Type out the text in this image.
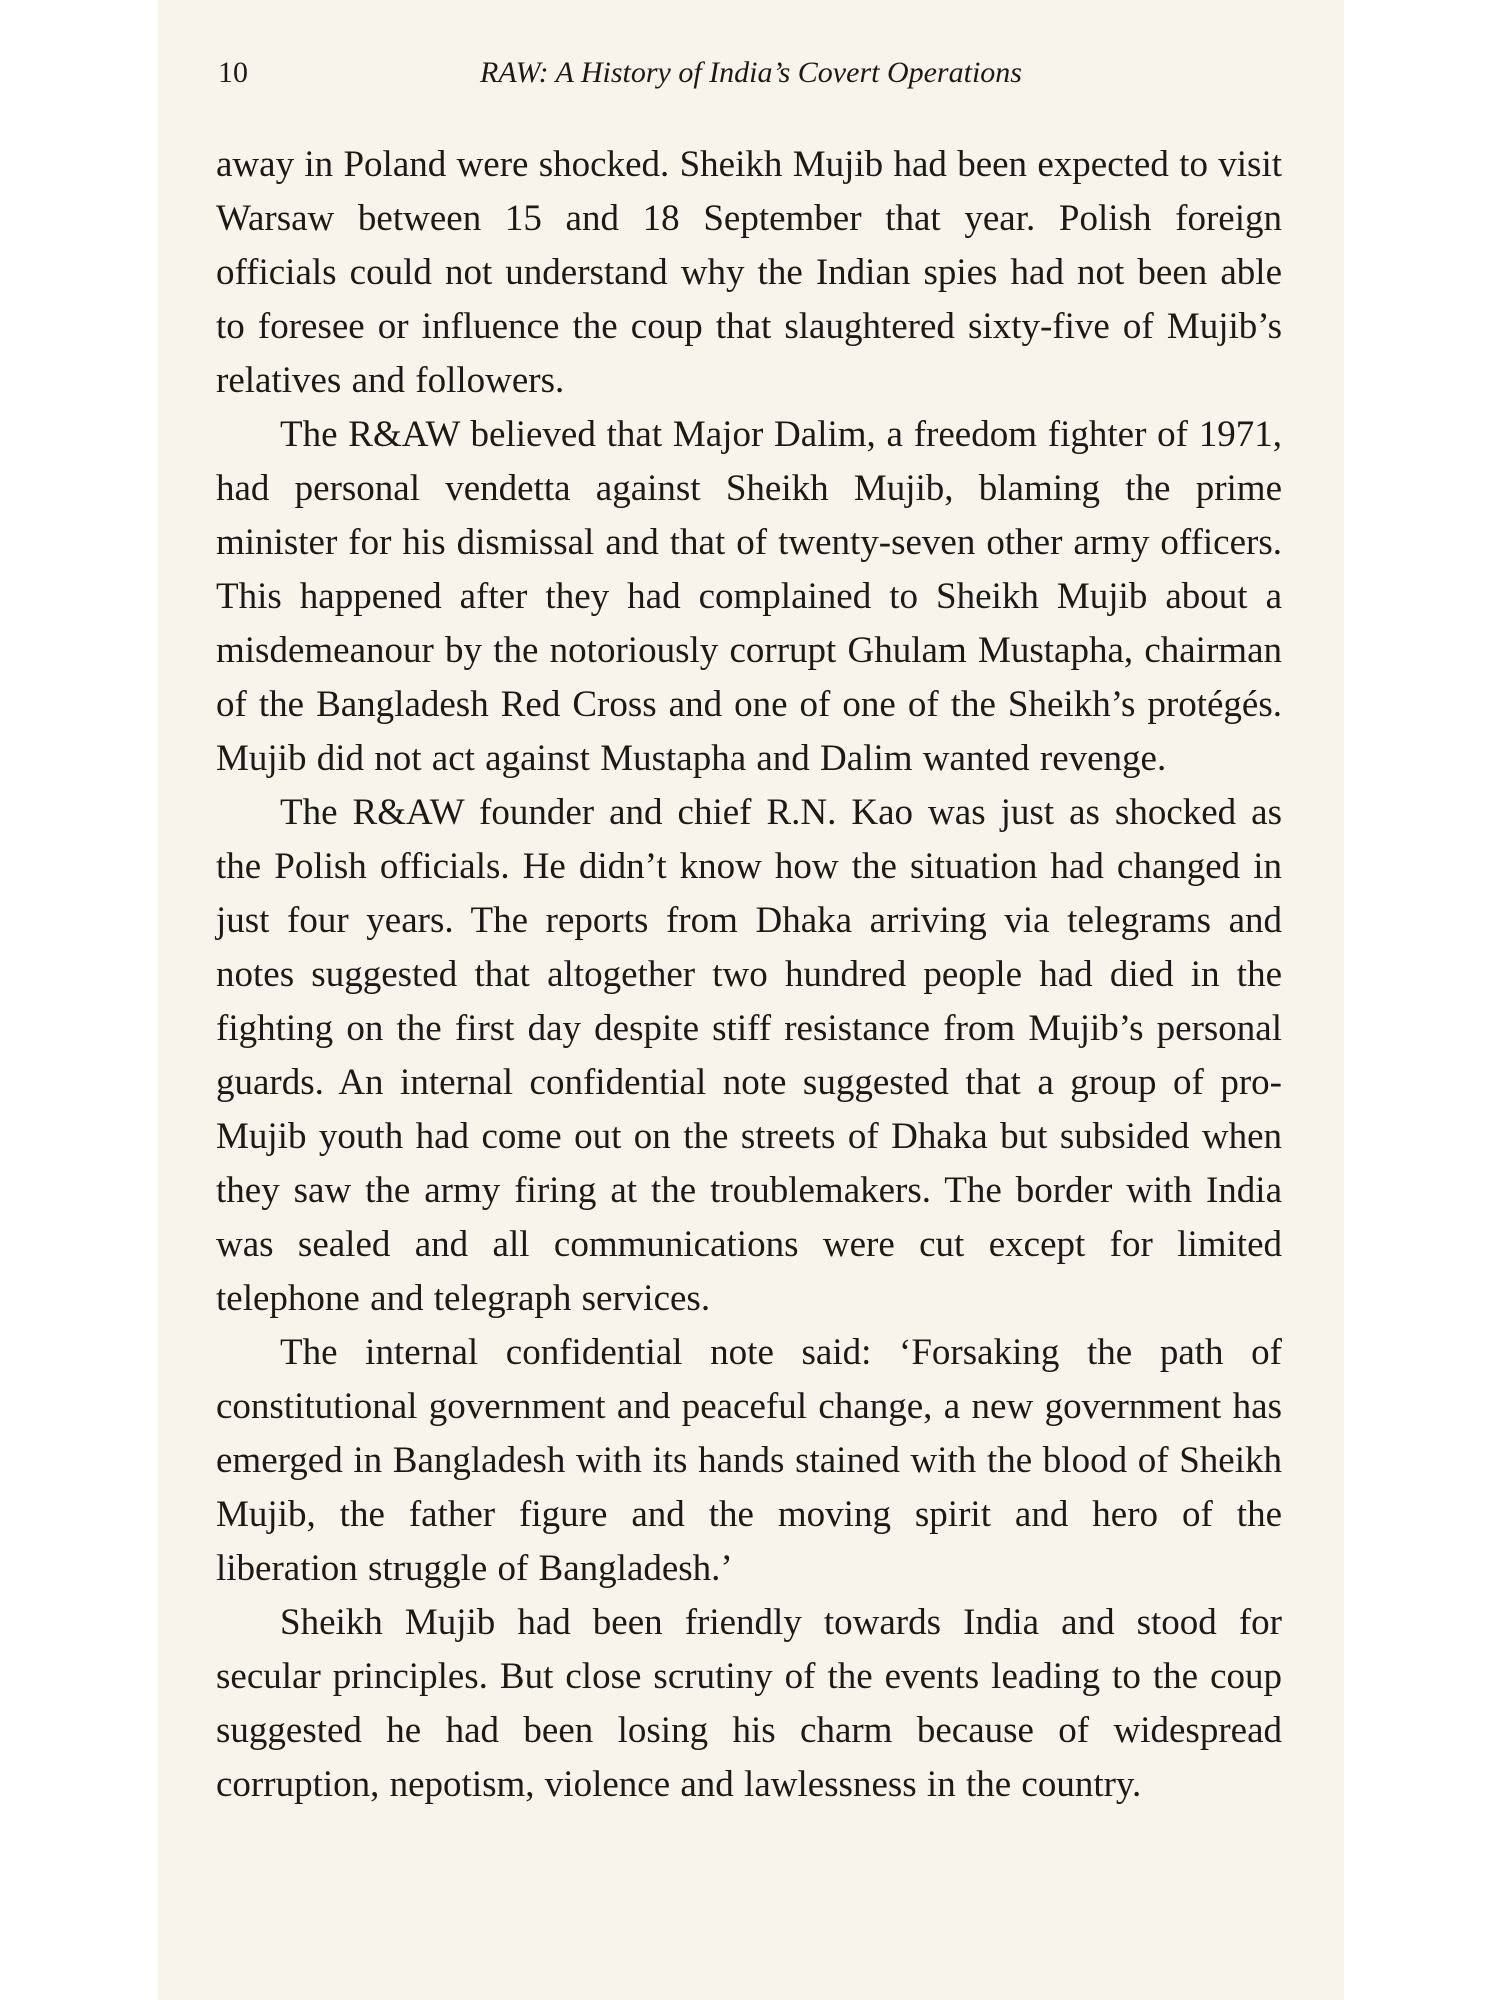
10	RAW: A History of India’s Covert Operations

away in Poland were shocked. Sheikh Mujib had been expected to visit Warsaw between 15 and 18 September that year. Polish foreign officials could not understand why the Indian spies had not been able to foresee or influence the coup that slaughtered sixty-five of Mujib’s relatives and followers.

The R&AW believed that Major Dalim, a freedom fighter of 1971, had personal vendetta against Sheikh Mujib, blaming the prime minister for his dismissal and that of twenty-seven other army officers. This happened after they had complained to Sheikh Mujib about a misdemeanour by the notoriously corrupt Ghulam Mustapha, chairman of the Bangladesh Red Cross and one of one of the Sheikh’s protégés. Mujib did not act against Mustapha and Dalim wanted revenge.

The R&AW founder and chief R.N. Kao was just as shocked as the Polish officials. He didn’t know how the situation had changed in just four years. The reports from Dhaka arriving via telegrams and notes suggested that altogether two hundred people had died in the fighting on the first day despite stiff resistance from Mujib’s personal guards. An internal confidential note suggested that a group of pro-Mujib youth had come out on the streets of Dhaka but subsided when they saw the army firing at the troublemakers. The border with India was sealed and all communications were cut except for limited telephone and telegraph services.

The internal confidential note said: ‘Forsaking the path of constitutional government and peaceful change, a new government has emerged in Bangladesh with its hands stained with the blood of Sheikh Mujib, the father figure and the moving spirit and hero of the liberation struggle of Bangladesh.’

Sheikh Mujib had been friendly towards India and stood for secular principles. But close scrutiny of the events leading to the coup suggested he had been losing his charm because of widespread corruption, nepotism, violence and lawlessness in the country.
